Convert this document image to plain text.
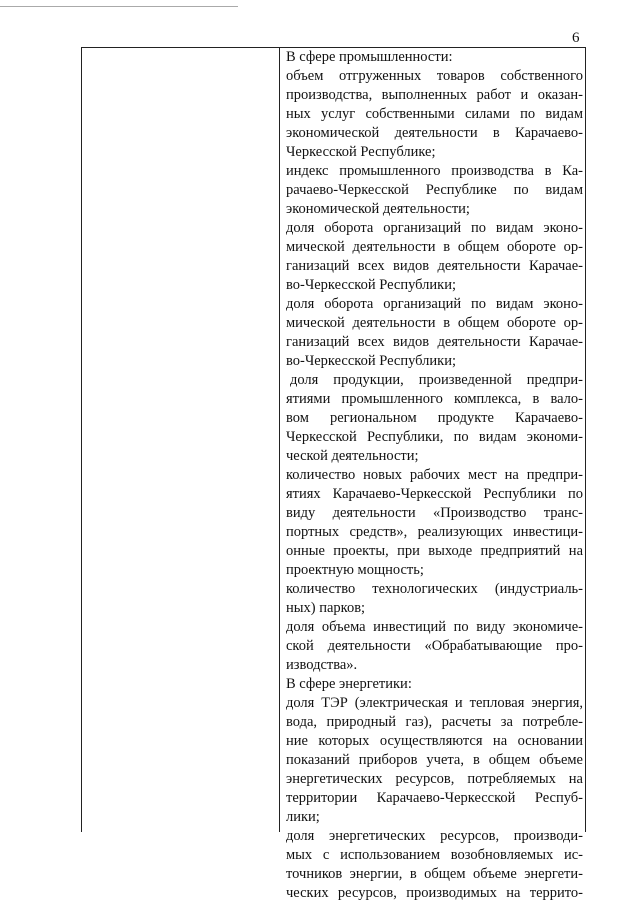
6
В сфере промышленности:
объем отгруженных товаров собственного
производства, выполненных работ и оказан-
ных услуг собственными силами по видам
экономической деятельности в Карачаево-
Черкесской Республике;
индекс промышленного производства в Ка-
рачаево-Черкесской Республике по видам
экономической деятельности;
доля оборота организаций по видам эконо-
мической деятельности в общем обороте ор-
ганизаций всех видов деятельности Карачае-
во-Черкесской Республики;
доля оборота организаций по видам эконо-
мической деятельности в общем обороте ор-
ганизаций всех видов деятельности Карачае-
во-Черкесской Республики;
доля продукции, произведенной предпри-
ятиями промышленного комплекса, в вало-
вом региональном продукте Карачаево-
Черкесской Республики, по видам экономи-
ческой деятельности;
количество новых рабочих мест на предпри-
ятиях Карачаево-Черкесской Республики по
виду деятельности «Производство транс-
портных средств», реализующих инвестици-
онные проекты, при выходе предприятий на
проектную мощность;
количество технологических (индустриаль-
ных) парков;
доля объема инвестиций по виду экономиче-
ской деятельности «Обрабатывающие про-
изводства».
В сфере энергетики:
доля ТЭР (электрическая и тепловая энергия,
вода, природный газ), расчеты за потребле-
ние которых осуществляются на основании
показаний приборов учета, в общем объеме
энергетических ресурсов, потребляемых на
территории Карачаево-Черкесской Респуб-
лики;
доля энергетических ресурсов, производи-
мых с использованием возобновляемых ис-
точников энергии, в общем объеме энергети-
ческих ресурсов, производимых на террито-
